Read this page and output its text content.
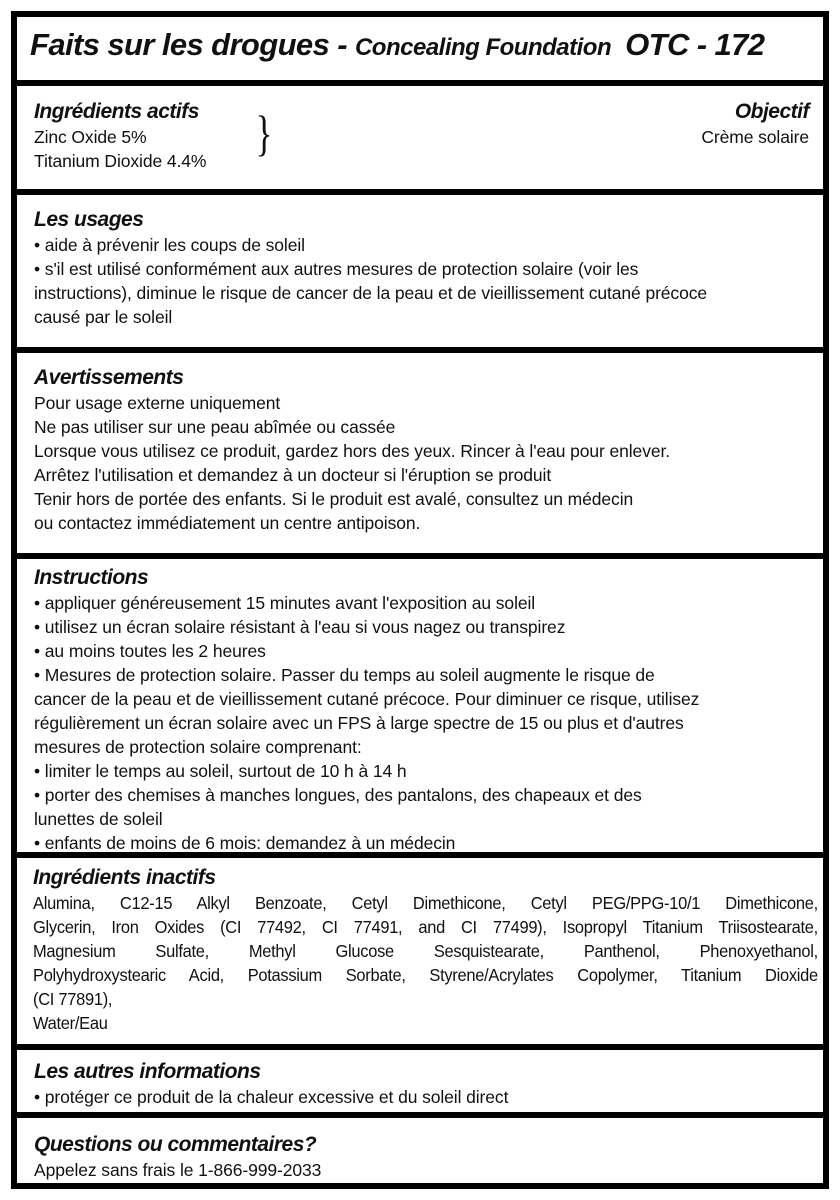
Faits sur les drogues - Concealing Foundation OTC - 172
Ingrédients actifs
Zinc Oxide 5%
Titanium Dioxide 4.4% }	Objectif
Crème solaire
Les usages
• aide à prévenir les coups de soleil
• s'il est utilisé conformément aux autres mesures de protection solaire (voir les
instructions), diminue le risque de cancer de la peau et de vieillissement cutané précoce
causé par le soleil
Avertissements
Pour usage externe uniquement
Ne pas utiliser sur une peau abîmée ou cassée
Lorsque vous utilisez ce produit, gardez hors des yeux. Rincer à l'eau pour enlever.
Arrêtez l'utilisation et demandez à un docteur si l'éruption se produit
Tenir hors de portée des enfants. Si le produit est avalé, consultez un médecin
ou contactez immédiatement un centre antipoison.
Instructions
• appliquer généreusement 15 minutes avant l'exposition au soleil
• utilisez un écran solaire résistant à l'eau si vous nagez ou transpirez
• au moins toutes les 2 heures
• Mesures de protection solaire. Passer du temps au soleil augmente le risque de
cancer de la peau et de vieillissement cutané précoce. Pour diminuer ce risque, utilisez
régulièrement un écran solaire avec un FPS à large spectre de 15 ou plus et d'autres
mesures de protection solaire comprenant:
• limiter le temps au soleil, surtout de 10 h à 14 h
• porter des chemises à manches longues, des pantalons, des chapeaux et des
lunettes de soleil
• enfants de moins de 6 mois: demandez à un médecin
Ingrédients inactifs
Alumina, C12-15 Alkyl Benzoate, Cetyl Dimethicone, Cetyl PEG/PPG-10/1 Dimethicone,
Glycerin, Iron Oxides (CI 77492, CI 77491, and CI 77499), Isopropyl Titanium Triisostearate,
Magnesium Sulfate, Methyl Glucose Sesquistearate, Panthenol, Phenoxyethanol,
Polyhydroxystearic Acid, Potassium Sorbate, Styrene/Acrylates Copolymer, Titanium Dioxide
(CI 77891),
Water/Eau
Les autres informations
• protéger ce produit de la chaleur excessive et du soleil direct
Questions ou commentaires?
Appelez sans frais le 1-866-999-2033
